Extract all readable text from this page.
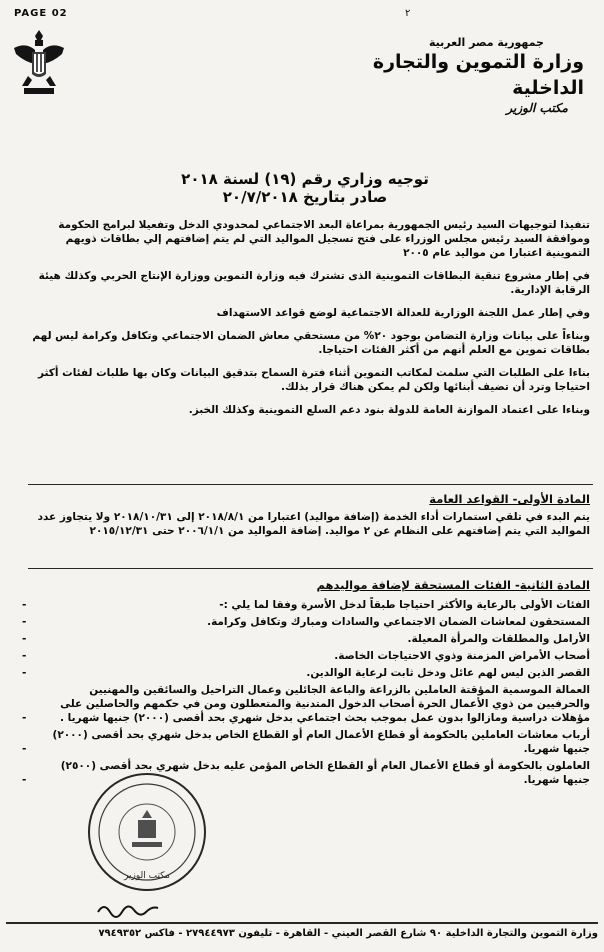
PAGE 02	٢
جمهورية مصر العربية
وزارة التموين والتجارة الداخلية
مكتب الوزير
توجيه وزاري رقم (١٩) لسنة ٢٠١٨
صادر بتاريخ ٢٠/٧/٢٠١٨

تنفيذا لتوجيهات السيد رئيس الجمهورية بمراعاة البعد الاجتماعي لمحدودي الدخل وتفعيلا لبرامج الحكومة وموافقة السيد رئيس مجلس الوزراء على فتح تسجيل المواليد التي لم يتم إضافتهم إلي بطاقات ذويهم التموينية اعتبارا من مواليد عام ٢٠٠٥

في إطار مشروع تنقية البطاقات التموينية الذى تشترك فيه وزارة التموين ووزارة الإنتاج الحربي وكذلك هيئة الرقابة الإدارية.

وفي إطار عمل اللجنة الوزارية للعدالة الاجتماعية لوضع قواعد الاستهداف

وبناءاً على بيانات وزارة التضامن بوجود ٢٠% من مستحقي معاش الضمان الاجتماعي وتكافل وكرامة ليس لهم بطاقات تموين مع العلم أنهم من أكثر الفئات احتياجا.

بناءا على الطلبات التي سلمت لمكاتب التموين أثناء فترة السماح بتدقيق البيانات وكان بها طلبات لفئات أكثر احتياجا وترد أن تضيف أبنائها ولكن لم يمكن هناك قرار بذلك.

وبناءا على اعتماد الموازنة العامة للدولة بنود دعم السلع التموينية وكذلك الخبز.

المادة الأولى- القواعد العامة

يتم البدء في تلقي استمارات أداء الخدمة (إضافة مواليد) اعتبارا من ٢٠١٨/٨/١ إلى ٢٠١٨/١٠/٣١ ولا يتجاوز عدد المواليد التي يتم إضافتهم على النظام عن ٢ مواليد. إضافة المواليد من ٢٠٠٦/١/١ حتى ٢٠١٥/١٢/٣١

المادة الثانية- الفئات المستحقة لإضافة مواليدهم

الفئات الأولى بالرعاية والأكثر احتياجا طبقاً لدخل الأسرة وفقا لما يلي :- -

المستحقون لمعاشات الضمان الاجتماعي والسادات ومبارك وتكافل وكرامة. -

الأرامل والمطلقات والمرأة المعيلة. -

أصحاب الأمراض المزمنة وذوي الاحتياجات الخاصة. -

القصر الذين ليس لهم عائل ودخل ثابت لرعاية الوالدين. -

العمالة الموسمية المؤقتة العاملين بالزراعة والباعة الجائلين وعمال التراحيل والسائقين والمهنيين والحرفيين من ذوي الأعمال الحرة أصحاب الدخول المتدنية والمتعطلون ومن في حكمهم والحاصلين على مؤهلات دراسية ومازالوا بدون عمل بموجب بحث اجتماعي بدخل شهري بحد أقصى (٢٠٠٠) جنيها شهريا . -

أرباب معاشات العاملين بالحكومة أو قطاع الأعمال العام أو القطاع الخاص بدخل شهري بحد أقصى (٢٠٠٠) جنيها شهريا. -

العاملون بالحكومة أو قطاع الأعمال العام أو القطاع الخاص المؤمن عليه بدخل شهري بحد أقصى (٢٥٠٠) جنيها شهريا. -

مكتب الوزير
وزارة التموين والتجارة الداخلية ٩٠ شارع القصر العيني - القاهرة - تليفون ٢٧٩٤٤٩٧٣ - فاكس ٧٩٤٩٣٥٢
